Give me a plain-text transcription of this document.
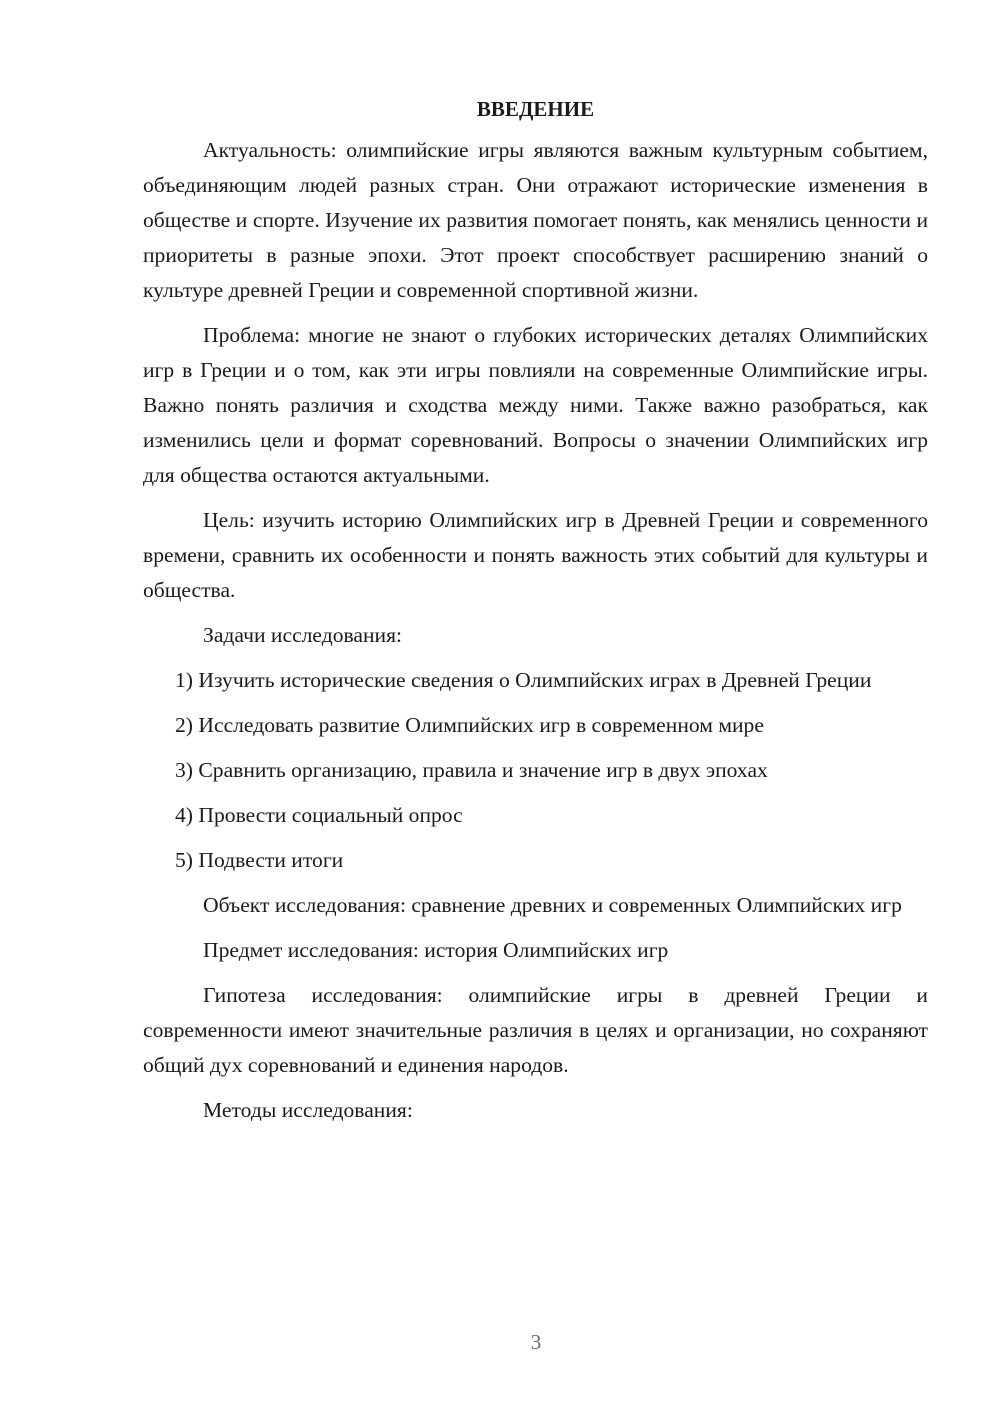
ВВЕДЕНИЕ

Актуальность: олимпийские игры являются важным культурным событием, объединяющим людей разных стран. Они отражают исторические изменения в обществе и спорте. Изучение их развития помогает понять, как менялись ценности и приоритеты в разные эпохи. Этот проект способствует расширению знаний о культуре древней Греции и современной спортивной жизни.

Проблема: многие не знают о глубоких исторических деталях Олимпийских игр в Греции и о том, как эти игры повлияли на современные Олимпийские игры. Важно понять различия и сходства между ними. Также важно разобраться, как изменились цели и формат соревнований. Вопросы о значении Олимпийских игр для общества остаются актуальными.

Цель: изучить историю Олимпийских игр в Древней Греции и современного времени, сравнить их особенности и понять важность этих событий для культуры и общества.

Задачи исследования:

1) Изучить исторические сведения о Олимпийских играх в Древней Греции

2) Исследовать развитие Олимпийских игр в современном мире

3) Сравнить организацию, правила и значение игр в двух эпохах

4) Провести социальный опрос

5) Подвести итоги

Объект исследования: сравнение древних и современных Олимпийских игр

Предмет исследования: история Олимпийских игр

Гипотеза исследования: олимпийские игры в древней Греции и современности имеют значительные различия в целях и организации, но сохраняют общий дух соревнований и единения народов.

Методы исследования:

3
